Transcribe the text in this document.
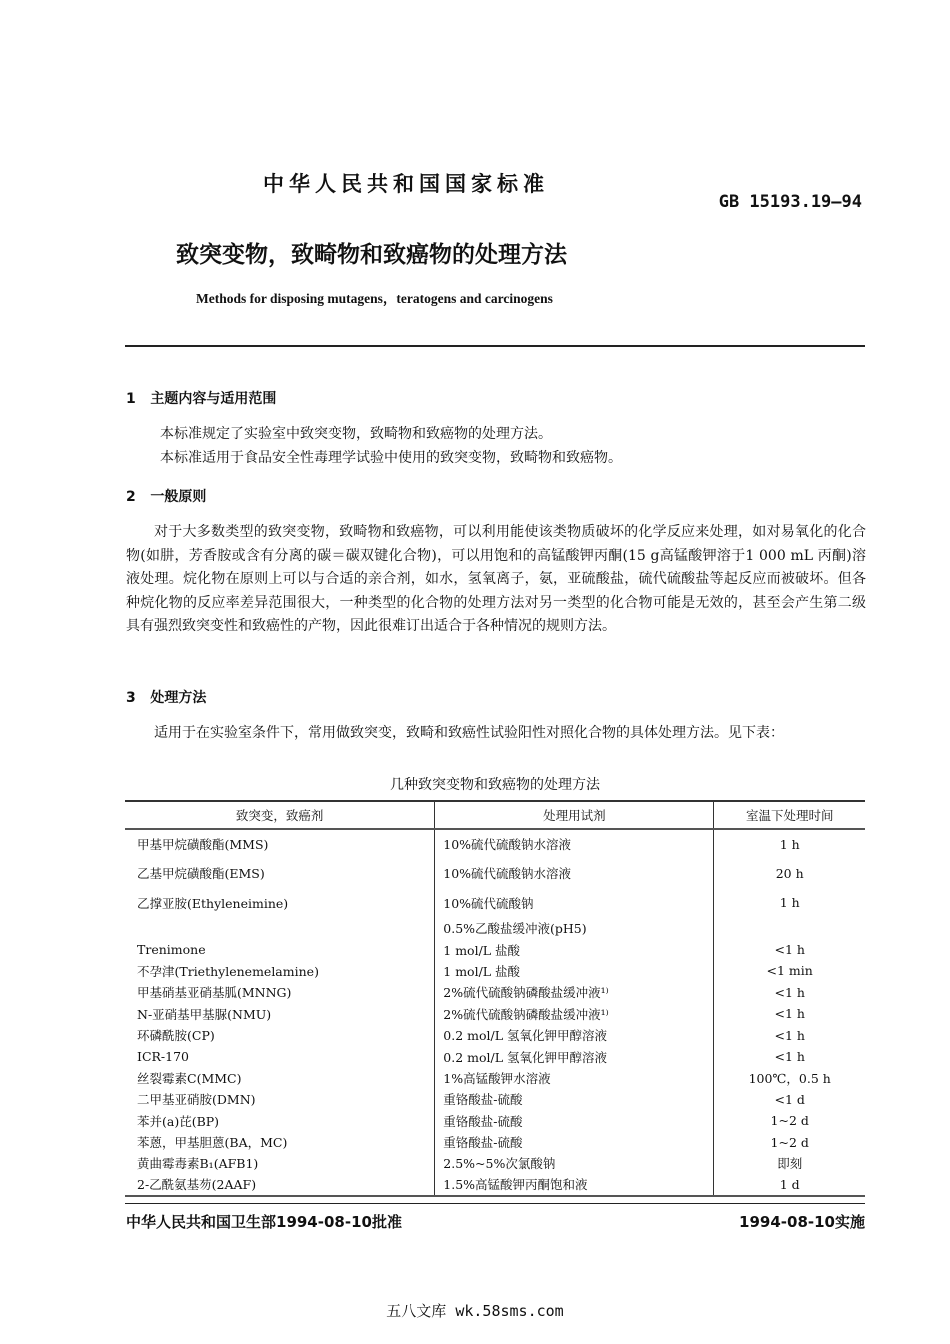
中华人民共和国国家标准
GB 15193.19—94
致突变物，致畸物和致癌物的处理方法
Methods for disposing mutagens，teratogens and carcinogens
1 主题内容与适用范围
本标准规定了实验室中致突变物，致畸物和致癌物的处理方法。
本标准适用于食品安全性毒理学试验中使用的致突变物，致畸物和致癌物。
2 一般原则
对于大多数类型的致突变物，致畸物和致癌物，可以利用能使该类物质破坏的化学反应来处理，如对易氧化的化合物(如肼，芳香胺或含有分离的碳＝碳双键化合物)，可以用饱和的高锰酸钾丙酮(15 g高锰酸钾溶于1 000 mL 丙酮)溶液处理。烷化物在原则上可以与合适的亲合剂，如水，氢氧离子，氨，亚硫酸盐，硫代硫酸盐等起反应而被破坏。但各种烷化物的反应率差异范围很大，一种类型的化合物的处理方法对另一类型的化合物可能是无效的，甚至会产生第二级具有强烈致突变性和致癌性的产物，因此很难订出适合于各种情况的规则方法。
3 处理方法
适用于在实验室条件下，常用做致突变，致畸和致癌性试验阳性对照化合物的具体处理方法。见下表：
几种致突变物和致癌物的处理方法
致突变，致癌剂	处理用试剂	室温下处理时间
甲基甲烷磺酸酯(MMS)	10%硫代硫酸钠水溶液	1 h
乙基甲烷磺酸酯(EMS)	10%硫代硫酸钠水溶液	20 h
乙撑亚胺(Ethyleneimine)	10%硫代硫酸钠	1 h
	0.5%乙酸盐缓冲液(pH5)	
Trenimone	1 mol/L 盐酸	<1 h
不孕津(Triethylenemelamine)	1 mol/L 盐酸	<1 min
甲基硝基亚硝基胍(MNNG)	2%硫代硫酸钠磷酸盐缓冲液¹⁾	<1 h
N-亚硝基甲基脲(NMU)	2%硫代硫酸钠磷酸盐缓冲液¹⁾	<1 h
环磷酰胺(CP)	0.2 mol/L 氢氧化钾甲醇溶液	<1 h
ICR-170	0.2 mol/L 氢氧化钾甲醇溶液	<1 h
丝裂霉素C(MMC)	1%高锰酸钾水溶液	100℃，0.5 h
二甲基亚硝胺(DMN)	重铬酸盐-硫酸	<1 d
苯并(a)芘(BP)	重铬酸盐-硫酸	1~2 d
苯蒽，甲基胆蒽(BA，MC)	重铬酸盐-硫酸	1~2 d
黄曲霉毒素B₁(AFB1)	2.5%~5%次氯酸钠	即刻
2-乙酰氨基芴(2AAF)	1.5%高锰酸钾丙酮饱和液	1 d
中华人民共和国卫生部1994-08-10批准	1994-08-10实施
五八文库 wk.58sms.com
